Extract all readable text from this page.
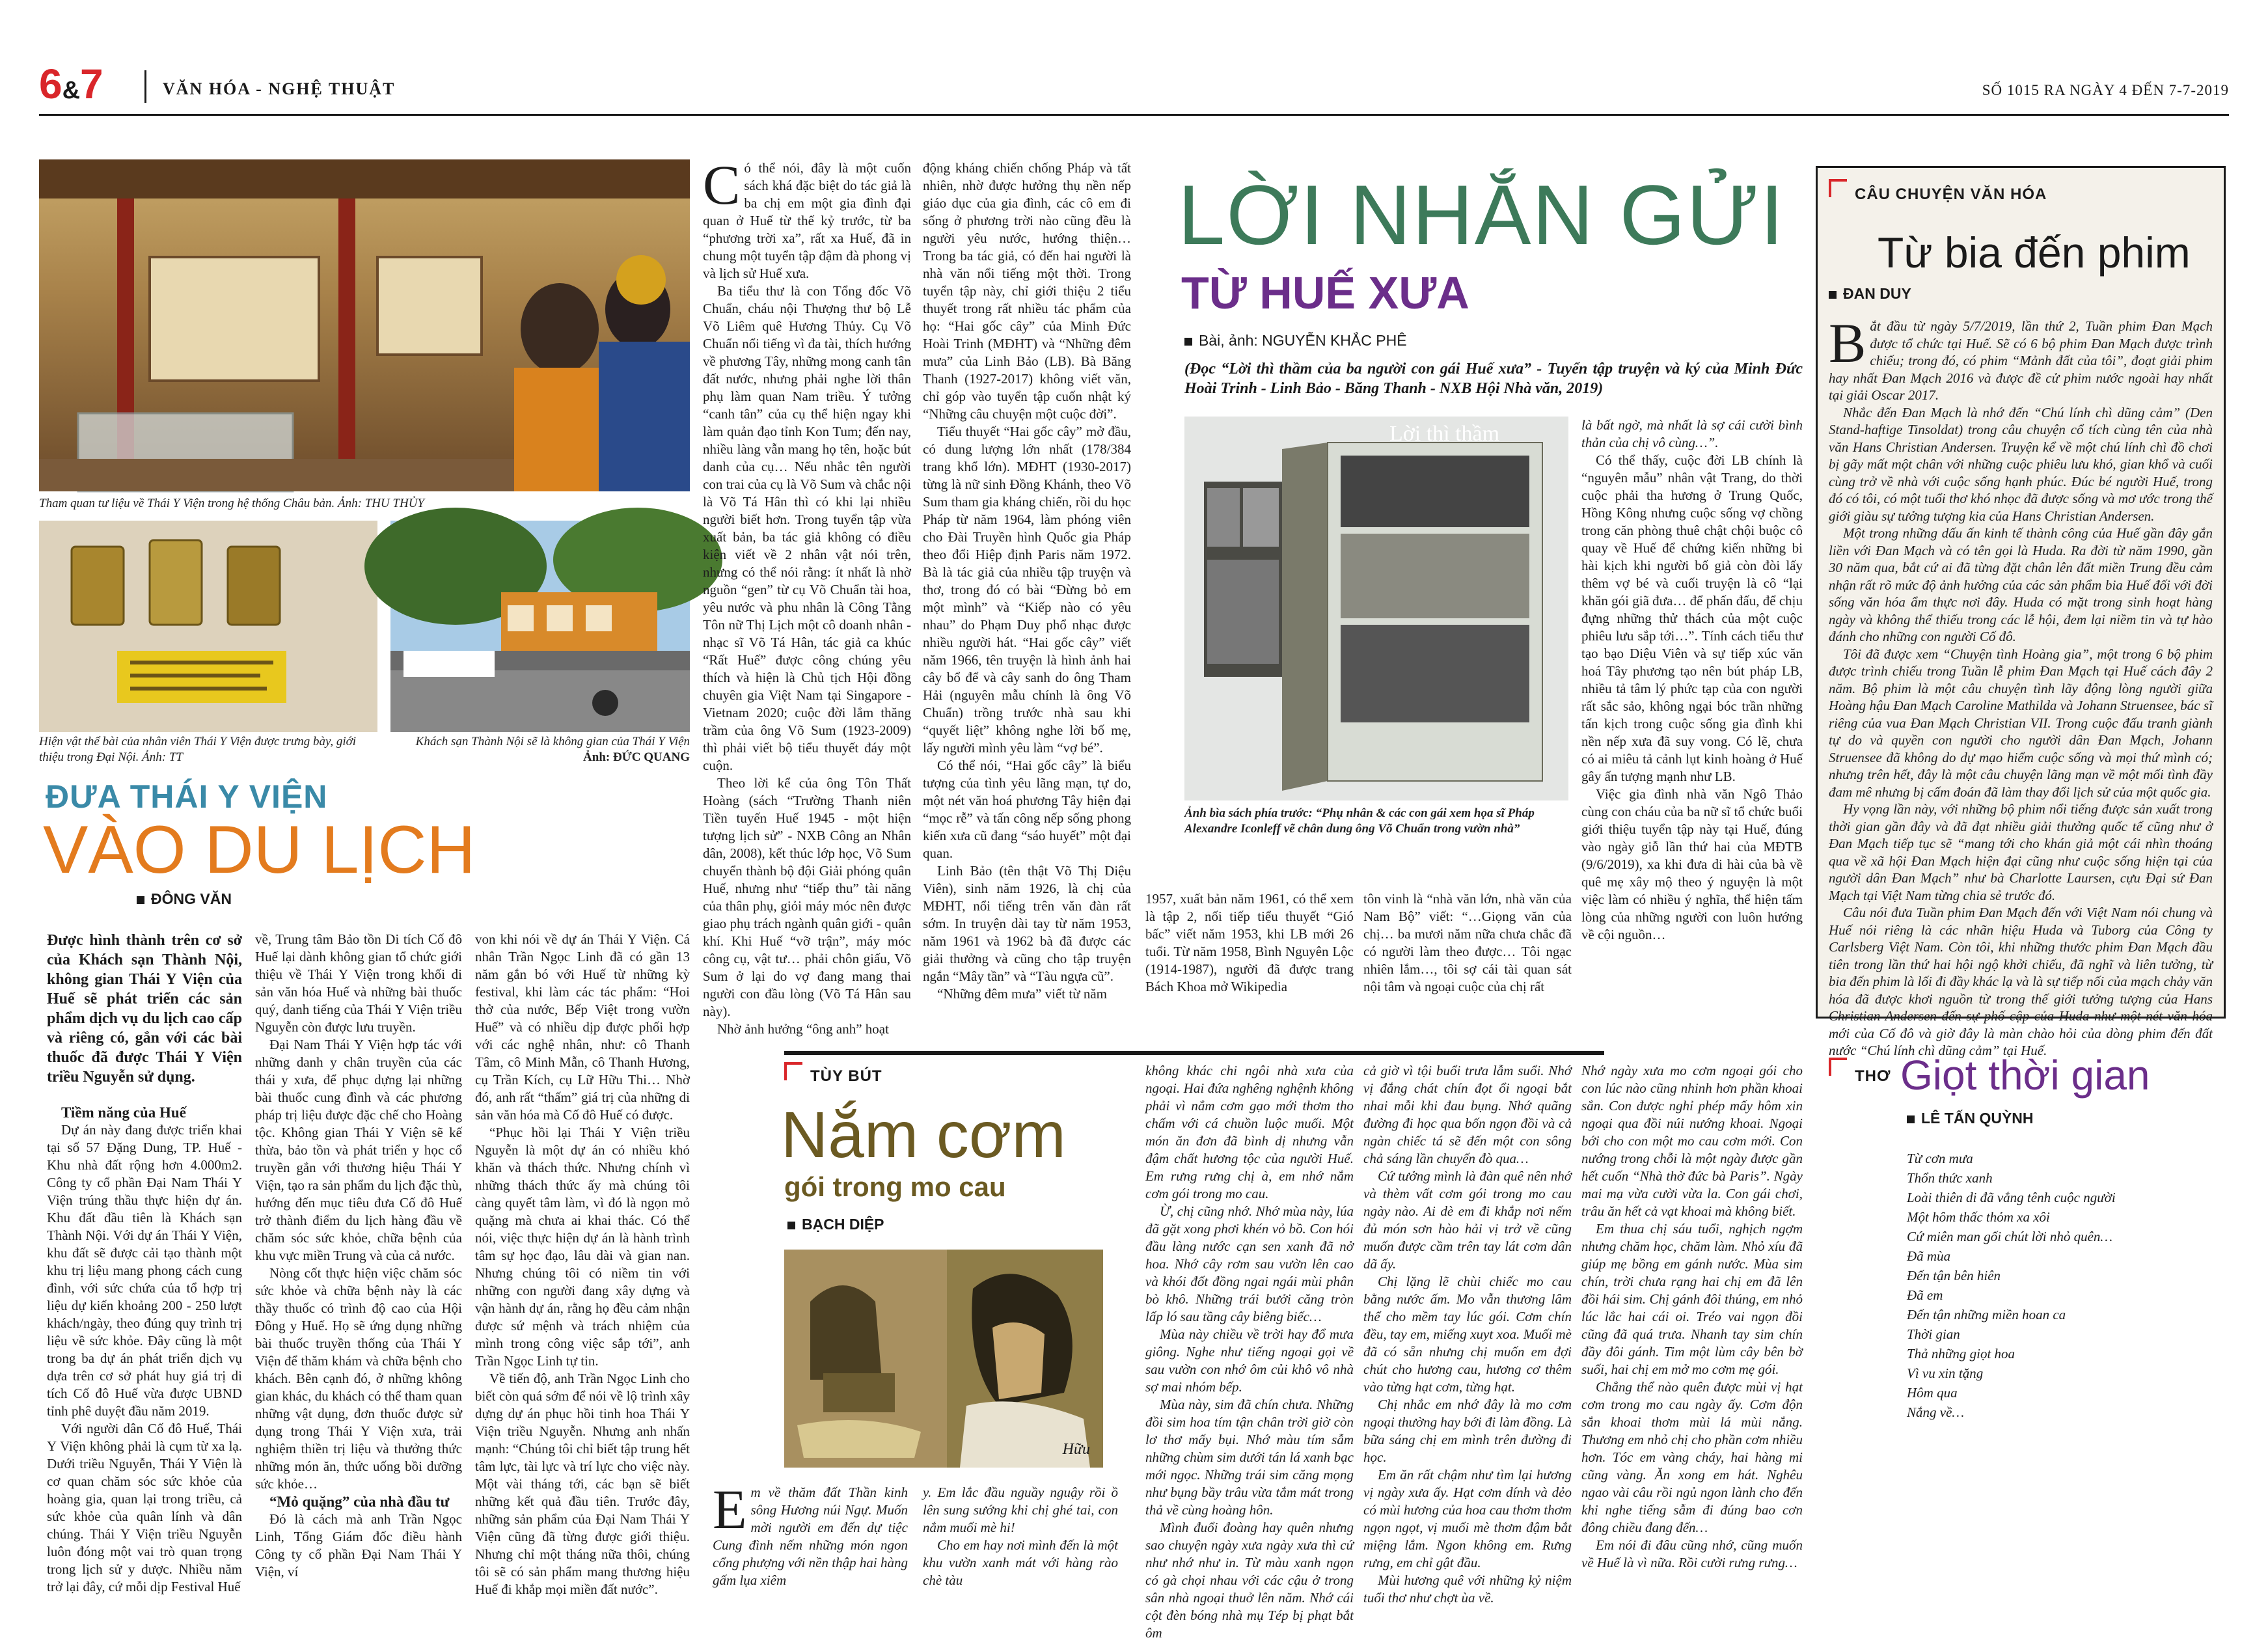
6&7	VĂN HÓA - NGHỆ THUẬT	SỐ 1015 RA NGÀY 4 ĐẾN 7-7-2019
Tham quan tư liệu về Thái Y Viện trong hệ thống Châu bản. Ảnh: THU THỦY
Hiện vật thể bài của nhân viên Thái Y Viện được trưng bày, giới thiệu trong Đại Nội. Ảnh: TT
Khách sạn Thành Nội sẽ là không gian của Thái Y Viện
Ảnh: ĐỨC QUANG
ĐƯA THÁI Y VIỆN
VÀO DU LỊCH
ĐÔNG VĂN

Được hình thành trên cơ sở của Khách sạn Thành Nội, không gian Thái Y Viện của Huế sẽ phát triển các sản phẩm dịch vụ du lịch cao cấp và riêng có, gắn với các bài thuốc đã được Thái Y Viện triều Nguyễn sử dụng.

Tiềm năng của Huế

Dự án này đang được triển khai tại số 57 Đặng Dung, TP. Huế - Khu nhà đất rộng hơn 4.000m2. Công ty cổ phần Đại Nam Thái Y Viện trúng thầu thực hiện dự án. Khu đất đầu tiên là Khách sạn Thành Nội. Với dự án Thái Y Viện, khu đất sẽ được cải tạo thành một khu trị liệu mang phong cách cung đình, với sức chứa của tổ hợp trị liệu dự kiến khoảng 200 - 250 lượt khách/ngày, theo đúng quy trình trị liệu về sức khỏe. Đây cũng là một trong ba dự án phát triển dịch vụ dựa trên cơ sở phát huy giá trị di tích Cố đô Huế vừa được UBND tỉnh phê duyệt đầu năm 2019.

Với người dân Cố đô Huế, Thái Y Viện không phải là cụm từ xa lạ. Dưới triều Nguyễn, Thái Y Viện là cơ quan chăm sóc sức khỏe của hoàng gia, quan lại trong triều, cả sức khỏe của quân lính và dân chúng. Thái Y Viện triều Nguyễn luôn đóng một vai trò quan trọng trong lịch sử y dược. Nhiều năm trở lại đây, cứ mỗi dịp Festival Huế

về, Trung tâm Bảo tồn Di tích Cố đô Huế lại dành không gian tổ chức giới thiệu về Thái Y Viện trong khối di sản văn hóa Huế và những bài thuốc quý, danh tiếng của Thái Y Viện triều Nguyễn còn được lưu truyền.

Đại Nam Thái Y Viện hợp tác với những danh y chân truyền của các thái y xưa, để phục dựng lại những bài thuốc cung đình và các phương pháp trị liệu được đặc chế cho Hoàng tộc. Không gian Thái Y Viện sẽ kế thừa, bảo tồn và phát triển y học cổ truyền gắn với thương hiệu Thái Y Viện, tạo ra sản phẩm du lịch đặc thù, hướng đến mục tiêu đưa Cố đô Huế trở thành điểm du lịch hàng đầu về chăm sóc sức khỏe, chữa bệnh của khu vực miền Trung và của cả nước.

Nòng cốt thực hiện việc chăm sóc sức khỏe và chữa bệnh này là các thầy thuốc có trình độ cao của Hội Đông y Huế. Họ sẽ ứng dụng những bài thuốc truyền thống của Thái Y Viện để thăm khám và chữa bệnh cho khách. Bên cạnh đó, ở những không gian khác, du khách có thể tham quan những vật dụng, đơn thuốc được sử dụng trong Thái Y Viện xưa, trải nghiệm thiền trị liệu và thưởng thức những món ăn, thức uống bồi dưỡng sức khỏe…

“Mỏ quặng” của nhà đầu tư

Đó là cách mà anh Trần Ngọc Linh, Tổng Giám đốc điều hành Công ty cổ phần Đại Nam Thái Y Viện, ví

von khi nói về dự án Thái Y Viện. Cá nhân Trần Ngọc Linh đã có gần 13 năm gắn bó với Huế từ những kỳ festival, khi làm các tác phẩm: “Hoi thở của nước, Bếp Việt trong vườn Huế” và có nhiều dịp được phối hợp với các nghệ nhân, như: cô Thanh Tâm, cô Minh Mẫn, cô Thanh Hương, cụ Trần Kích, cụ Lữ Hữu Thi… Nhờ đó, anh rất “thấm” giá trị của những di sản văn hóa mà Cố đô Huế có được.

“Phục hồi lại Thái Y Viện triều Nguyễn là một dự án có nhiều khó khăn và thách thức. Nhưng chính vì những thách thức ấy mà chúng tôi càng quyết tâm làm, vì đó là ngọn mỏ quặng mà chưa ai khai thác. Có thể nói, việc thực hiện dự án là hành trình tâm sự học đạo, lâu dài và gian nan. Nhưng chúng tôi có niềm tin với những con người đang xây dựng và vận hành dự án, rằng họ đều cảm nhận được sứ mệnh và trách nhiệm của mình trong công việc sắp tới”, anh Trần Ngọc Linh tự tin.

Về tiến độ, anh Trần Ngọc Linh cho biết còn quá sớm để nói về lộ trình xây dựng dự án phục hồi tinh hoa Thái Y Viện triều Nguyễn. Nhưng anh nhấn mạnh: “Chúng tôi chỉ biết tập trung hết tâm lực, tài lực và trí lực cho việc này. Một vài tháng tới, các bạn sẽ biết những kết quả đầu tiên. Trước đây, những sản phẩm của Đại Nam Thái Y Viện cũng đã từng được giới thiệu. Nhưng chỉ một tháng nữa thôi, chúng tôi sẽ có sản phẩm mang thương hiệu Huế đi khắp mọi miền đất nước”.

Có thể nói, đây là một cuốn sách khá đặc biệt do tác giả là ba chị em một gia đình đại quan ở Huế từ thế kỷ trước, từ ba “phương trời xa”, rất xa Huế, đã in chung một tuyển tập đậm đà phong vị và lịch sử Huế xưa.

Ba tiểu thư là con Tổng đốc Võ Chuẩn, cháu nội Thượng thư bộ Lễ Võ Liêm quê Hương Thủy. Cụ Võ Chuẩn nổi tiếng vì đa tài, thích hướng về phương Tây, những mong canh tân đất nước, nhưng phải nghe lời thân phụ làm quan Nam triều. Ý tưởng “canh tân” của cụ thể hiện ngay khi làm quản đạo tỉnh Kon Tum; đến nay, nhiều làng vẫn mang họ tên, hoặc bút danh của cụ… Nếu nhắc tên người con trai của cụ là Võ Sum và chắc nội là Võ Tá Hân thì có khi lại nhiều người biết hơn. Trong tuyển tập vừa xuất bản, ba tác giả không có điều kiện viết về 2 nhân vật nói trên, nhưng có thể nói rằng: ít nhất là nhờ nguồn “gen” từ cụ Võ Chuẩn tài hoa, yêu nước và phu nhân là Công Tằng Tôn nữ Thị Lịch một cô doanh nhân - nhạc sĩ Võ Tá Hân, tác giả ca khúc “Rất Huế” được công chúng yêu thích và hiện là Chủ tịch Hội đồng chuyên gia Việt Nam tại Singapore - Vietnam 2020; cuộc đời lắm thăng trầm của ông Võ Sum (1923-2009) thì phải viết bộ tiểu thuyết đáy một cuộn.

Theo lời kể của ông Tôn Thất Hoàng (sách “Trường Thanh niên Tiền tuyến Huế 1945 - một hiện tượng lịch sử” - NXB Công an Nhân dân, 2008), kết thúc lớp học, Võ Sum chuyển thành bộ đội Giải phóng quân Huế, nhưng như “tiếp thu” tài năng của thân phụ, giỏi máy móc nên được giao phụ trách ngành quân giới - quân khí. Khi Huế “vỡ trận”, máy móc công cụ, vật tư… phải chôn giấu, Võ Sum ở lại do vợ đang mang thai người con đầu lòng (Võ Tá Hân sau này).

Nhờ ảnh hưởng “ông anh” hoạt

động kháng chiến chống Pháp và tất nhiên, nhờ được hưởng thụ nền nếp giáo dục của gia đình, các cô em đi sống ở phương trời nào cũng đều là người yêu nước, hướng thiện… Trong ba tác giả, có đến hai người là nhà văn nổi tiếng một thời. Trong tuyển tập này, chỉ giới thiệu 2 tiểu thuyết trong rất nhiều tác phẩm của họ: “Hai gốc cây” của Minh Đức Hoài Trinh (MĐHT) và “Những đêm mưa” của Linh Bảo (LB). Bà Băng Thanh (1927-2017) không viết văn, chỉ góp vào tuyển tập cuốn nhật ký “Những câu chuyện một cuộc đời”.

Tiểu thuyết “Hai gốc cây” mở đầu, có dung lượng lớn nhất (178/384 trang khổ lớn). MĐHT (1930-2017) từng là nữ sinh Đồng Khánh, theo Võ Sum tham gia kháng chiến, rồi du học Pháp từ năm 1964, làm phóng viên cho Đài Truyền hình Quốc gia Pháp theo đổi Hiệp định Paris năm 1972. Bà là tác giả của nhiều tập truyện và thơ, trong đó có bài “Đừng bỏ em một mình” và “Kiếp nào có yêu nhau” do Phạm Duy phổ nhạc được nhiều người hát. “Hai gốc cây” viết năm 1966, tên truyện là hình ảnh hai cây bổ để và cây sanh do ông Tham Hải (nguyên mẫu chính là ông Võ Chuẩn) trồng trước nhà sau khi “quyết liệt” không nghe lời bố mẹ, lấy người mình yêu làm “vợ bé”.

Có thể nói, “Hai gốc cây” là biểu tượng của tình yêu lãng mạn, tự do, một nét văn hoá phương Tây hiện đại “mọc rễ” và tấn công nếp sống phong kiến xưa cũ đang “sáo huyết” một đại quan.

Linh Bảo (tên thật Võ Thị Diệu Viên), sinh năm 1926, là chị của MĐHT, nổi tiếng trên văn đàn rất sớm. In truyện dài tay từ năm 1953, năm 1961 và 1962 bà đã được các giải thưởng và cũng cho tập truyện ngắn “Mây tần” và “Tàu ngựa cũ”.

“Những đêm mưa” viết từ năm

LỜI NHẮN GỬI
TỪ HUẾ XƯA
Bài, ảnh: NGUYỄN KHẮC PHÊ
(Đọc “Lời thì thầm của ba người con gái Huế xưa” - Tuyển tập truyện và ký của Minh Đức Hoài Trinh - Linh Bảo - Băng Thanh - NXB Hội Nhà văn, 2019)
Lời thì thầm
Ảnh bìa sách phía trước: “Phụ nhân & các con gái xem họa sĩ Pháp Alexandre Iconleff vẽ chân dung ông Võ Chuẩn trong vườn nhà”

là bất ngờ, mà nhất là sợ cái cười bình thản của chị vô cùng…”.

Có thể thấy, cuộc đời LB chính là “nguyên mẫu” nhân vật Trang, do thời cuộc phải tha hương ở Trung Quốc, Hồng Kông nhưng cuộc sống vợ chồng trong căn phòng thuê chật chội buộc cô quay về Huế để chứng kiến những bi hài kịch khi người bố giả còn đòi lấy thêm vợ bé và cuối truyện là cô “lại khăn gói giã đưa… để phấn đấu, để chịu đựng những thử thách của một cuộc phiêu lưu sắp tới…”. Tính cách tiểu thư tạo bạo Diệu Viên và sự tiếp xúc văn hoá Tây phương tạo nên bút pháp LB, nhiều tả tâm lý phức tạp của con người rất sắc sảo, không ngại bóc trần những tấn kịch trong cuộc sống gia đình khi nền nếp xưa đã suy vong. Có lẽ, chưa có ai miêu tả cảnh lụt kinh hoàng ở Huế gây ấn tượng mạnh như LB.

Việc gia đình nhà văn Ngô Thảo cùng con cháu của ba nữ sĩ tổ chức buổi giới thiệu tuyển tập này tại Huế, đúng vào ngày giỗ lần thứ hai của MĐTB (9/6/2019), xa khi đưa di hài của bà về quê mẹ xây mộ theo ý nguyện là một việc làm có nhiều ý nghĩa, thể hiện tấm lòng của những người con luôn hướng về cội nguồn…

1957, xuất bản năm 1961, có thể xem là tập 2, nối tiếp tiểu thuyết “Gió bấc” viết năm 1953, khi LB mới 26 tuổi. Từ năm 1958, Bình Nguyên Lộc (1914-1987), người đã được trang Bách Khoa mở Wikipedia

tôn vinh là “nhà văn lớn, nhà văn của Nam Bộ” viết: “…Giọng văn của chị… ba mươi năm nữa chưa chắc đã có người làm theo được… Tôi ngạc nhiên lắm…, tôi sợ cái tài quan sát nội tâm và ngoại cuộc của chị rất

TÙY BÚT
Nắm cơm
gói trong mo cau
BẠCH DIỆP
Hữu

Em về thăm đất Thần kinh sông Hương núi Ngự. Muốn mời người em đến dự tiệc Cung đình nếm những món ngon cổng phượng với nền thập hai hàng gấm lụa xiêm

y. Em lắc đầu nguầy nguậy rồi ồ lên sung sướng khi chị ghé tai, con nắm muối mè hi!

Cho em hay nơi mình đến là một khu vườn xanh mát với hàng rào chè tàu

không khác chi ngôi nhà xưa của ngoại. Hai đứa nghêng nghệnh không phải vì nắm cơm gạo mới thơm tho chấm với cá chuồn luộc muối. Một món ăn đơn đã bình dị nhưng vẫn đậm chất hương tộc của người Huế. Em rưng rưng chị à, em nhớ nắm cơm gói trong mo cau.

Ừ, chị cũng nhớ. Nhớ mùa này, lúa đã gặt xong phơi khén vỏ bồ. Con hói đầu làng nước cạn sen xanh đã nở hoa. Nhớ cây rơm sau vườn lên cao và khói đốt đồng ngai ngái mùi phân bò khô. Những trái bưởi căng tròn lấp ló sau tầng cây biêng biếc…

Mùa này chiều về trời hay đổ mưa giông. Nghe như tiếng ngoại gọi về sau vườn con nhớ ôm củi khô vô nhà sợ mai nhóm bếp.

Mùa này, sim đã chín chưa. Những đồi sim hoa tím tận chân trời giờ còn lơ thơ mấy bụi. Nhớ màu tím sẫm những chùm sim dưới tán lá xanh bạc mới ngọc. Những trái sim căng mọng như bụng bầy trâu vừa tắm mát trong thả về cùng hoàng hôn.

Mình đuổi đoàng hay quên nhưng sao chuyện ngày xưa ngày xưa thì cứ như nhớ như in. Từ màu xanh ngọn có gà chọi nhau với các cậu ở trong sân nhà ngoại thuở lên năm. Nhớ cái cột đèn bóng nhà mụ Tép bị phạt bắt ôm

cả giờ vì tội buổi trưa lẫm suổi. Nhớ vị đắng chát chín đọt ổi ngoại bắt nhai mỗi khi đau bụng. Nhớ quãng đường đi học qua bốn ngọn đồi và cả ngàn chiếc tá sẽ đến một con sông chả sáng lần chuyến đò qua…

Cứ tưởng mình là đàn quê nên nhớ và thèm vất cơm gói trong mo cau ngày nào. Ai dè em đi khắp nơi nếm đủ món sơn hào hải vị trở về cũng muốn được cầm trên tay lát cơm dân dã ấy.

Chị lặng lẽ chùi chiếc mo cau bằng nước ấm. Mo vẫn thương lâm thể cho mềm tay lúc gói. Cơm chín đều, tay em, miếng xuyt xoa. Muối mè đã có sẵn nhưng chị muốn em đợi chút cho hương cau, hương cơ thêm vào từng hạt cơm, từng hạt.

Chị nhắc em nhớ đây là mo cơm ngoại thường hay bới đi làm đồng. Là bữa sáng chị em mình trên đường đi học.

Em ăn rất chậm như tìm lại hương vị ngày xưa ấy. Hạt cơm dính và dẻo có mùi hương của hoa cau thơm thơm ngọn ngọt, vị muối mè thơm đậm bắt miệng lắm. Ngon không em. Rưng rưng, em chỉ gật đầu.

Mùi hương quê với những kỷ niệm tuổi thơ như chợt ùa về.

Nhớ ngày xưa mo cơm ngoại gói cho con lúc nào cũng nhinh hơn phần khoai sắn. Con được nghỉ phép mấy hôm xin ngoại qua đồi núi nướng khoai. Ngoại bới cho con một mo cau cơm mới. Con nướng trong chỗi là một ngày được gần hết cuốn “Nhà thờ đức bà Paris”. Ngày mai mạ vừa cười vừa la. Con gái chơi, trâu ăn hết cả vạt khoai mà không biết.

Em thua chị sáu tuổi, nghịch ngợm nhưng chăm học, chăm làm. Nhỏ xíu đã giúp mẹ bồng em gánh nước. Mùa sim chín, trời chưa rạng hai chị em đã lên đồi hái sim. Chị gánh đôi thúng, em nhỏ lúc lắc hai cái oi. Tréo vai ngọn đồi cũng đã quá trưa. Nhanh tay sim chín đầy đôi gánh. Tim một lùm cây bên bờ suối, hai chị em mở mo cơm mẹ gói.

Chẳng thể nào quên được mùi vị hạt cơm trong mo cau ngày ấy. Cơm độn sắn khoai thơm mùi lá mùi nắng. Thương em nhỏ chị cho phần cơm nhiều hơn. Tóc em vàng cháy, hai hàng mi cũng vàng. Ăn xong em hát. Nghêu ngao vài câu rồi ngủ ngon lành cho đến khi nghe tiếng sẫm đi đúng bao cơn đông chiều đang đến…

Em nói đi đâu cũng nhớ, cũng muốn về Huế là vì nữa. Rồi cười rưng rưng…

CÂU CHUYỆN VĂN HÓA
Từ bia đến phim
ĐAN DUY

Bắt đầu từ ngày 5/7/2019, lần thứ 2, Tuần phim Đan Mạch được tổ chức tại Huế. Sẽ có 6 bộ phim Đan Mạch được trình chiếu; trong đó, có phim “Mảnh đất của tôi”, đoạt giải phim hay nhất Đan Mạch 2016 và được đề cử phim nước ngoài hay nhất tại giải Oscar 2017.

Nhắc đến Đan Mạch là nhớ đến “Chú lính chì dũng cảm” (Den Stand-haftige Tinsoldat) trong câu chuyện cổ tích cùng tên của nhà văn Hans Christian Andersen. Truyện kể về một chú lính chì đồ chơi bị gãy mất một chân với những cuộc phiêu lưu khó, gian khổ và cuối cùng trở về nhà với cuộc sống hạnh phúc. Đúc bé người Huế, trong đó có tôi, có một tuổi thơ khó nhọc đã được sống và mơ ước trong thế giới giàu sự tưởng tượng kia của Hans Christian Andersen.

Một trong những dấu ấn kinh tế thành công của Huế gần đây gắn liền với Đan Mạch và có tên gọi là Huda. Ra đời từ năm 1990, gần 30 năm qua, bắt cứ ai đã từng đặt chân lên đất miền Trung đều cảm nhận rất rõ mức độ ảnh hưởng của các sản phẩm bia Huế đối với đời sống văn hóa ẩm thực nơi đây. Huda có mặt trong sinh hoạt hàng ngày và không thể thiếu trong các lễ hội, đem lại niềm tin và tự hào đánh cho những con người Cố đô.

Tôi đã được xem “Chuyện tình Hoàng gia”, một trong 6 bộ phim được trình chiếu trong Tuần lễ phim Đan Mạch tại Huế cách đây 2 năm. Bộ phim là một câu chuyện tình lãy động lòng người giữa Hoàng hậu Đan Mạch Caroline Mathilda và Johann Struensee, bác sĩ riêng của vua Đan Mạch Christian VII. Trong cuộc đấu tranh giành tự do và quyền con người cho người dân Đan Mạch, Johann Struensee đã không do dự mạo hiểm cuộc sống và mọi thứ mình có; nhưng trên hết, đây là một câu chuyện lãng mạn về một mối tình đầy đam mê nhưng bị cấm đoán đã làm thay đổi lịch sử của một quốc gia.

Hy vọng lần này, với những bộ phim nổi tiếng được sản xuất trong thời gian gần đây và đã đạt nhiều giải thưởng quốc tế cũng như ở Đan Mạch tiếp tục sẽ “mang tới cho khán giả một cái nhìn thoáng qua về xã hội Đan Mạch hiện đại cũng như cuộc sống hiện tại của người dân Đan Mạch” như bà Charlotte Laursen, cựu Đại sứ Đan Mạch tại Việt Nam từng chia sẻ trước đó.

Câu nói đưa Tuần phim Đan Mạch đến với Việt Nam nói chung và Huế nói riêng là các nhãn hiệu Huda và Tuborg của Công ty Carlsberg Việt Nam. Còn tôi, khi những thước phim Đan Mạch đầu tiên trong lần thứ hai hội ngộ khởi chiếu, đã nghĩ và liên tưởng, từ bia đến phim là lối đi đầy khác lạ và là sự tiếp nối của mạch chảy văn hóa đã được khơi nguồn từ trong thế giới tưởng tượng của Hans Christian Andersen đến sự phố cập của Huda như một nét văn hóa mới của Cố đô và giờ đây là màn chào hỏi của dòng phim đến đất nước “Chú lính chì dũng cảm” tại Huế.

THƠ Giọt thời gian
LÊ TẤN QUỲNH
Từ cơn mưa
Thổn thức xanh
Loài thiên di đã vắng tênh cuộc người
Một hôm thấc thỏm xa xôi
Cứ miên man gối chút lời nhỏ quên…
Đã mùa
Đến tận bên hiên
Đã em
Đến tận những miền hoan ca
Thời gian
Thả những giọt hoa
Vì vu xin tặng
Hôm qua
Nắng về…
